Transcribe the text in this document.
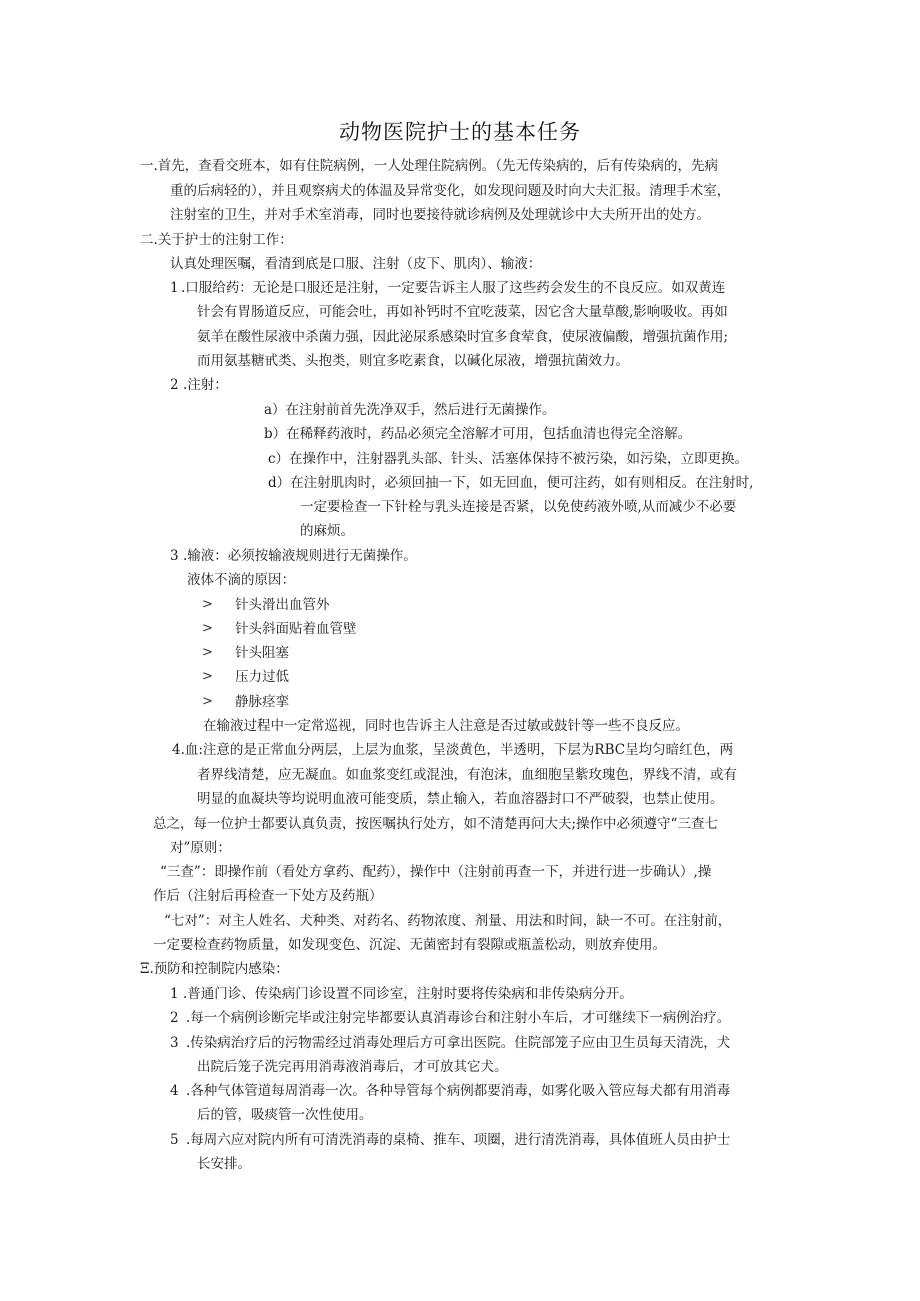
动物医院护士的基本任务
一.首先，查看交班本，如有住院病例，一人处理住院病例。（先无传染病的，后有传染病的，先病
重的后病轻的），并且观察病犬的体温及异常变化，如发现问题及时向大夫汇报。清理手术室，
注射室的卫生，并对手术室消毒，同时也要接待就诊病例及处理就诊中大夫所开出的处方。
二.关于护士的注射工作：
认真处理医嘱，看清到底是口服、注射（皮下、肌肉）、输液：
1 .口服给药：无论是口服还是注射，一定要告诉主人服了这些药会发生的不良反应。如双黄连
针会有胃肠道反应，可能会吐，再如补钙时不宜吃菠菜，因它含大量草酸,影响吸收。再如
氨羊在酸性尿液中杀菌力强，因此泌尿系感染时宜多食荤食，使尿液偏酸，增强抗菌作用;
而用氨基糖甙类、头抱类，则宜多吃素食，以碱化尿液，增强抗菌效力。
2 .注射：
a）在注射前首先洗净双手，然后进行无菌操作。
b）在稀释药液时，药品必须完全溶解才可用，包括血清也得完全溶解。
c）在操作中，注射器乳头部、针头、活塞体保持不被污染，如污染，立即更换。
d）在注射肌肉时，必须回抽一下，如无回血，便可注药，如有则相反。在注射时,
一定要检查一下针栓与乳头连接是否紧，以免使药液外喷,从而减少不必要
的麻烦。
3 .输液：必须按输液规则进行无菌操作。
液体不滴的原因：
> 针头滑出血管外
> 针头斜面贴着血管壁
> 针头阻塞
> 压力过低
> 静脉痉挛
在输液过程中一定常巡视，同时也告诉主人注意是否过敏或鼓针等一些不良反应。
4.血:注意的是正常血分两层，上层为血浆，呈淡黄色，半透明，下层为RBC呈均匀暗红色，两
者界线清楚，应无凝血。如血浆变红或混浊，有泡沫，血细胞呈紫玫瑰色，界线不清，或有
明显的血凝块等均说明血液可能变质，禁止输入，若血溶器封口不严破裂，也禁止使用。
总之，每一位护士都要认真负责，按医嘱执行处方，如不清楚再问大夫;操作中必须遵守“三查七
对”原则：
“三查”：即操作前（看处方拿药、配药），操作中（注射前再查一下，并进行进一步确认）,操
作后（注射后再检查一下处方及药瓶）
“七对”：对主人姓名、犬种类、对药名、药物浓度、剂量、用法和时间，缺一不可。在注射前，
一定要检查药物质量，如发现变色、沉淀、无菌密封有裂隙或瓶盖松动，则放弃使用。
Ξ.预防和控制院内感染：
1 .普通门诊、传染病门诊设置不同诊室，注射时要将传染病和非传染病分开。
2 .每一个病例诊断完毕或注射完毕都要认真消毒诊台和注射小车后，才可继续下一病例治疗。
3 .传染病治疗后的污物需经过消毒处理后方可拿出医院。住院部笼子应由卫生员每天清洗，犬
出院后笼子洗完再用消毒液消毒后，才可放其它犬。
4 .各种气体管道每周消毒一次。各种导管每个病例都要消毒，如雾化吸入管应每犬都有用消毒
后的管，吸痰管一次性使用。
5 .每周六应对院内所有可清洗消毒的桌椅、推车、项圈，进行清洗消毒，具体值班人员由护士
长安排。
